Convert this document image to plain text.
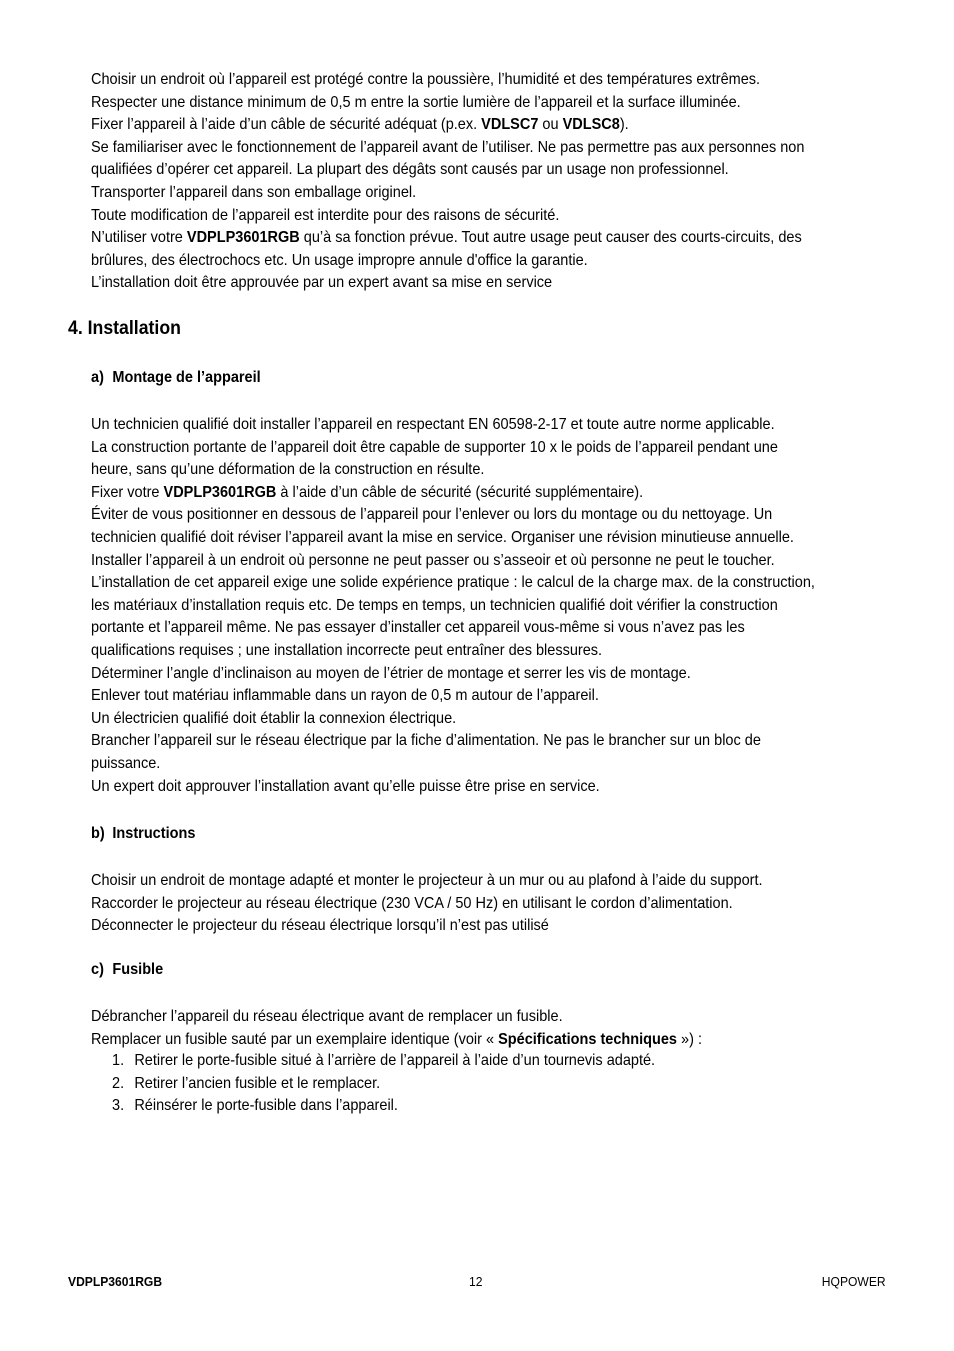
Choisir un endroit où l’appareil est protégé contre la poussière, l’humidité et des températures extrêmes.

Respecter une distance minimum de 0,5 m entre la sortie lumière de l’appareil et la surface illuminée.

Fixer l’appareil à l’aide d’un câble de sécurité adéquat (p.ex. VDLSC7 ou VDLSC8).

Se familiariser avec le fonctionnement de l’appareil avant de l’utiliser. Ne pas permettre pas aux personnes non

qualifiées d’opérer cet appareil. La plupart des dégâts sont causés par un usage non professionnel.

Transporter l’appareil dans son emballage originel.

Toute modification de l’appareil est interdite pour des raisons de sécurité.

N’utiliser votre VDPLP3601RGB qu’à sa fonction prévue. Tout autre usage peut causer des courts-circuits, des

brûlures, des électrochocs etc. Un usage impropre annule d'office la garantie.

L’installation doit être approuvée par un expert avant sa mise en service

4. Installation
a) Montage de l’appareil

Un technicien qualifié doit installer l’appareil en respectant EN 60598-2-17 et toute autre norme applicable.

La construction portante de l’appareil doit être capable de supporter 10 x le poids de l’appareil pendant une

heure, sans qu’une déformation de la construction en résulte.

Fixer votre VDPLP3601RGB à l’aide d’un câble de sécurité (sécurité supplémentaire).

Éviter de vous positionner en dessous de l’appareil pour l’enlever ou lors du montage ou du nettoyage. Un

technicien qualifié doit réviser l’appareil avant la mise en service. Organiser une révision minutieuse annuelle.

Installer l’appareil à un endroit où personne ne peut passer ou s’asseoir et où personne ne peut le toucher.

L’installation de cet appareil exige une solide expérience pratique : le calcul de la charge max. de la construction,

les matériaux d’installation requis etc. De temps en temps, un technicien qualifié doit vérifier la construction

portante et l’appareil même. Ne pas essayer d’installer cet appareil vous-même si vous n’avez pas les

qualifications requises ; une installation incorrecte peut entraîner des blessures.

Déterminer l’angle d’inclinaison au moyen de l’étrier de montage et serrer les vis de montage.

Enlever tout matériau inflammable dans un rayon de 0,5 m autour de l’appareil.

Un électricien qualifié doit établir la connexion électrique.

Brancher l’appareil sur le réseau électrique par la fiche d’alimentation. Ne pas le brancher sur un bloc de

puissance.

Un expert doit approuver l’installation avant qu’elle puisse être prise en service.

b) Instructions

Choisir un endroit de montage adapté et monter le projecteur à un mur ou au plafond à l’aide du support.

Raccorder le projecteur au réseau électrique (230 VCA / 50 Hz) en utilisant le cordon d’alimentation.

Déconnecter le projecteur du réseau électrique lorsqu’il n’est pas utilisé

c) Fusible

Débrancher l’appareil du réseau électrique avant de remplacer un fusible.

Remplacer un fusible sauté par un exemplaire identique (voir « Spécifications techniques ») :

1. Retirer le porte-fusible situé à l’arrière de l’appareil à l’aide d’un tournevis adapté.
2. Retirer l’ancien fusible et le remplacer.
3. Réinsérer le porte-fusible dans l’appareil.
VDPLP3601RGB	12	HQPOWER
